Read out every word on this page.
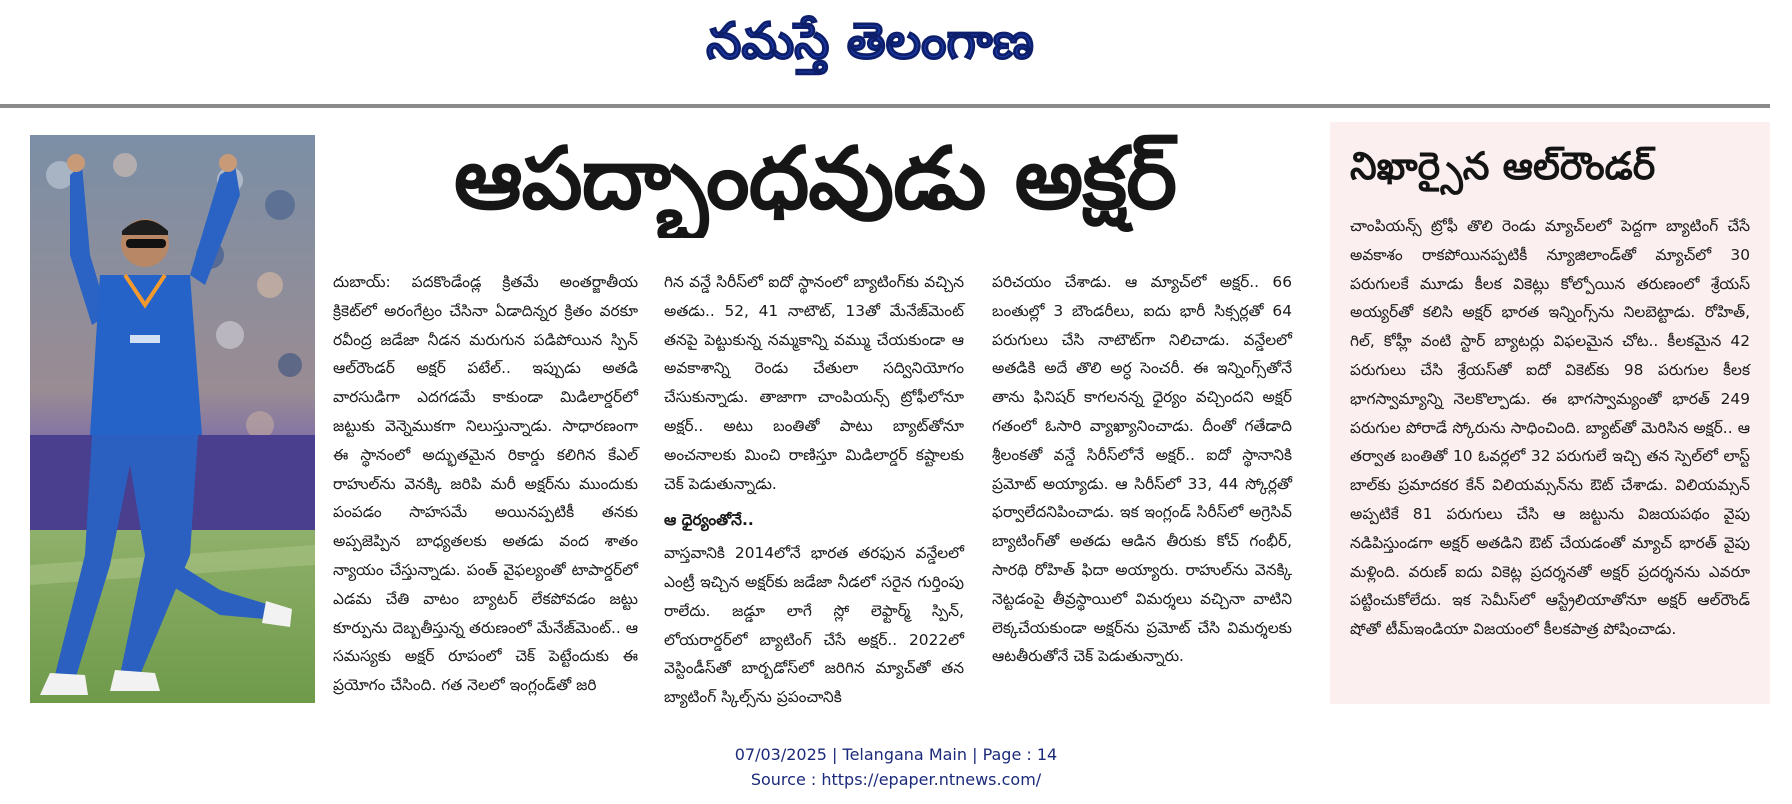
నమస్తే తెలంగాణ
ఆపద్బాంధవుడు అక్షర్

దుబాయ్: పదకొండేండ్ల క్రితమే అంతర్జాతీయ క్రికెట్‌లో అరంగేట్రం చేసినా ఏడాదిన్నర క్రితం వరకూ రవీంద్ర జడేజా నీడన మరుగున పడిపోయిన స్పిన్ ఆల్‌రౌండర్ అక్షర్ పటేల్.. ఇప్పుడు అతడి వారసుడిగా ఎదగడమే కాకుండా మిడిలార్డర్‌లో జట్టుకు వెన్నెముకగా నిలుస్తున్నాడు. సాధారణంగా ఈ స్థానంలో అద్భుతమైన రికార్డు కలిగిన కేఎల్ రాహుల్‌ను వెనక్కి జరిపి మరీ అక్షర్‌ను ముందుకు పంపడం సాహసమే అయినప్పటికీ తనకు అప్పజెప్పిన బాధ్యతలకు అతడు వంద శాతం న్యాయం చేస్తున్నాడు. పంత్ వైఫల్యంతో టాపార్డర్‌లో ఎడమ చేతి వాటం బ్యాటర్ లేకపోవడం జట్టు కూర్పును దెబ్బతీస్తున్న తరుణంలో మేనేజ్‌మెంట్.. ఆ సమస్యకు అక్షర్ రూపంలో చెక్ పెట్టేందుకు ఈ ప్రయోగం చేసింది. గత నెలలో ఇంగ్లండ్‌తో జరి

గిన వన్డే సిరీస్‌లో ఐదో స్థానంలో బ్యాటింగ్‌కు వచ్చిన అతడు.. 52, 41 నాటౌట్, 13తో మేనేజ్‌మెంట్ తనపై పెట్టుకున్న నమ్మకాన్ని వమ్ము చేయకుండా ఆ అవకాశాన్ని రెండు చేతులా సద్వినియోగం చేసుకున్నాడు. తాజాగా చాంపియన్స్ ట్రోఫీలోనూ అక్షర్.. అటు బంతితో పాటు బ్యాట్‌తోనూ అంచనాలకు మించి రాణిస్తూ మిడిలార్డర్ కష్టాలకు చెక్ పెడుతున్నాడు.

ఆ ధైర్యంతోనే..

వాస్తవానికి 2014లోనే భారత తరఫున వన్డేలలో ఎంట్రీ ఇచ్చిన అక్షర్‌కు జడేజా నీడలో సరైన గుర్తింపు రాలేదు. జడ్డూ లాగే స్లో లెఫ్టార్మ్ స్పిన్, లోయరార్డర్‌లో బ్యాటింగ్ చేసే అక్షర్.. 2022లో వెస్టిండీస్‌తో బార్బడోస్‌లో జరిగిన మ్యాచ్‌తో తన బ్యాటింగ్ స్కిల్స్‌ను ప్రపంచానికి

పరిచయం చేశాడు. ఆ మ్యాచ్‌లో అక్షర్.. 66 బంతుల్లో 3 బౌండరీలు, ఐదు భారీ సిక్సర్లతో 64 పరుగులు చేసి నాటౌట్‌గా నిలిచాడు. వన్డేలలో అతడికి అదే తొలి అర్ధ సెంచరీ. ఈ ఇన్నింగ్స్‌తోనే తాను ఫినిషర్ కాగలనన్న ధైర్యం వచ్చిందని అక్షర్ గతంలో ఓసారి వ్యాఖ్యానించాడు. దీంతో గతేడాది శ్రీలంకతో వన్డే సిరీస్‌లోనే అక్షర్.. ఐదో స్థానానికి ప్రమోట్ అయ్యాడు. ఆ సిరీస్‌లో 33, 44 స్కోర్లతో ఫర్వాలేదనిపించాడు. ఇక ఇంగ్లండ్ సిరీస్‌లో అగ్రెసివ్ బ్యాటింగ్‌తో అతడు ఆడిన తీరుకు కోచ్ గంభీర్, సారథి రోహిత్ ఫిదా అయ్యారు. రాహుల్‌ను వెనక్కి నెట్టడంపై తీవ్రస్థాయిలో విమర్శలు వచ్చినా వాటిని లెక్కచేయకుండా అక్షర్‌ను ప్రమోట్ చేసి విమర్శలకు ఆటతీరుతోనే చెక్ పెడుతున్నారు.

నిఖార్సైన ఆల్‌రౌండర్

చాంపియన్స్ ట్రోఫీ తొలి రెండు మ్యాచ్‌లలో పెద్దగా బ్యాటింగ్ చేసే అవకాశం రాకపోయినప్పటికీ న్యూజిలాండ్‌తో మ్యాచ్‌లో 30 పరుగులకే మూడు కీలక వికెట్లు కోల్పోయిన తరుణంలో శ్రేయస్ అయ్యర్‌తో కలిసి అక్షర్ భారత ఇన్నింగ్స్‌ను నిలబెట్టాడు. రోహిత్, గిల్, కోహ్లీ వంటి స్టార్ బ్యాటర్లు విఫలమైన చోట.. కీలకమైన 42 పరుగులు చేసి శ్రేయస్‌తో ఐదో వికెట్‌కు 98 పరుగుల కీలక భాగస్వామ్యాన్ని నెలకొల్పాడు. ఈ భాగస్వామ్యంతో భారత్ 249 పరుగుల పోరాడే స్కోరును సాధించింది. బ్యాట్‌తో మెరిసిన అక్షర్.. ఆ తర్వాత బంతితో 10 ఓవర్లలో 32 పరుగులే ఇచ్చి తన స్పెల్‌లో లాస్ట్ బాల్‌కు ప్రమాదకర కేన్ విలియమ్సన్‌ను ఔట్ చేశాడు. విలియమ్సన్ అప్పటికే 81 పరుగులు చేసి ఆ జట్టును విజయపథం వైపు నడిపిస్తుండగా అక్షర్ అతడిని ఔట్ చేయడంతో మ్యాచ్ భారత్ వైపు మళ్లింది. వరుణ్ ఐదు వికెట్ల ప్రదర్శనతో అక్షర్ ప్రదర్శనను ఎవరూ పట్టించుకోలేదు. ఇక సెమీస్‌లో ఆస్ట్రేలియాతోనూ అక్షర్ ఆల్‌రౌండ్ షోతో టీమ్‌ఇండియా విజయంలో కీలకపాత్ర పోషించాడు.

07/03/2025 | Telangana Main | Page : 14
Source : https://epaper.ntnews.com/
